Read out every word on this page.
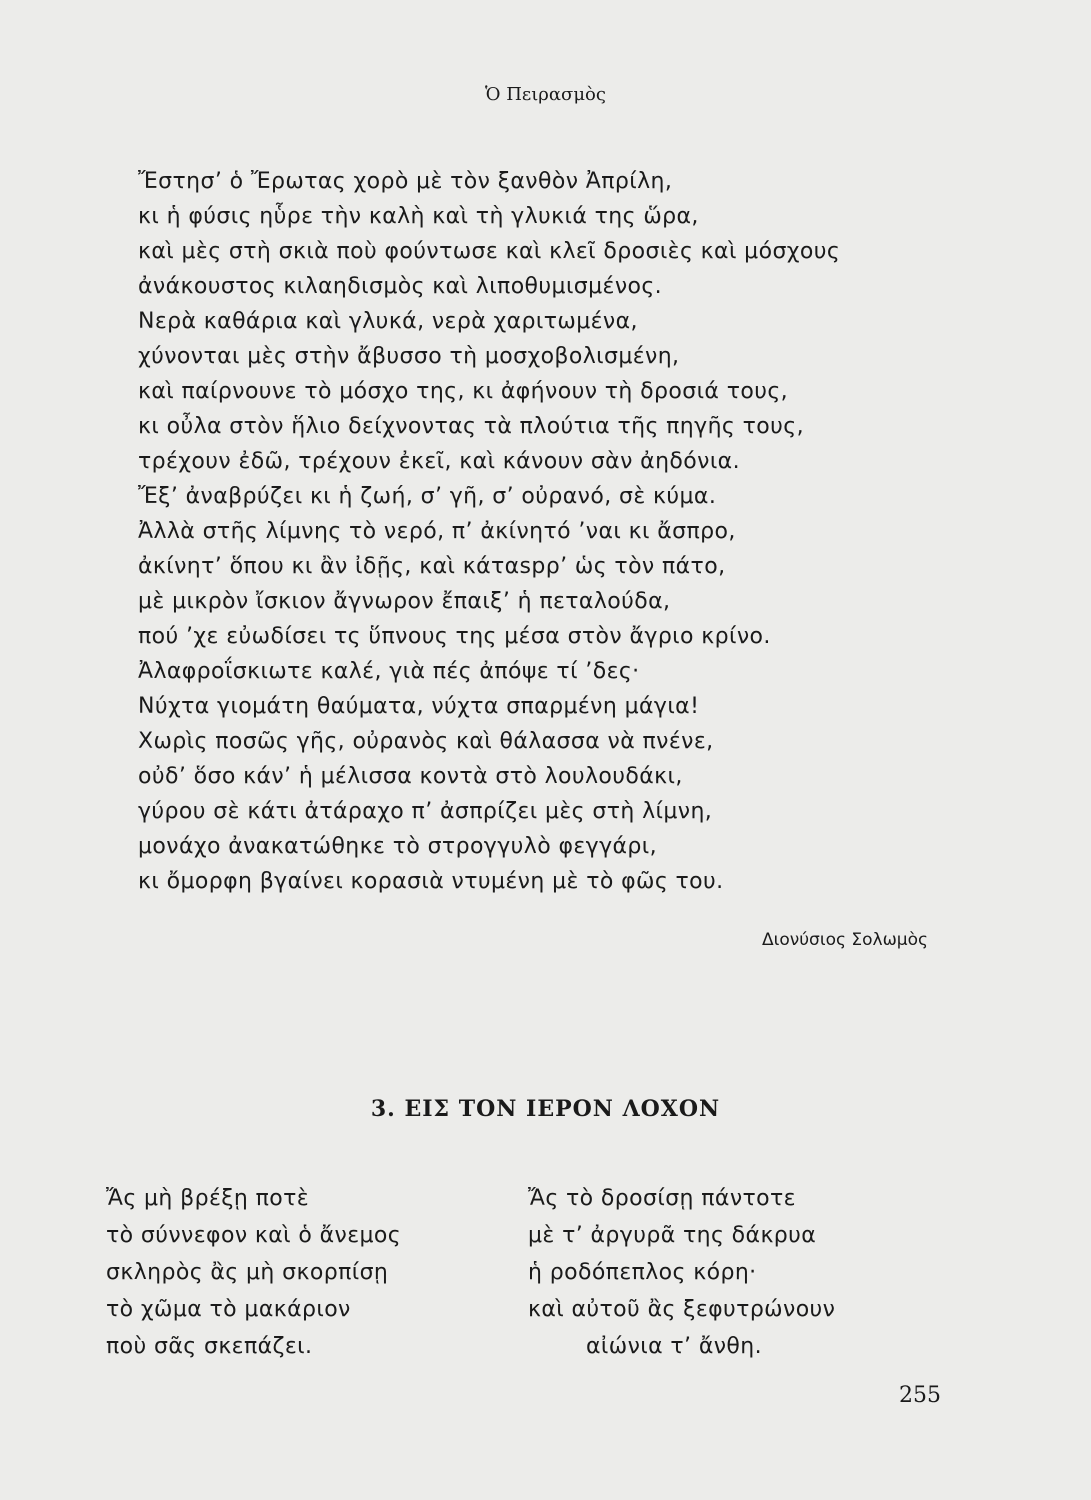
Ὁ Πειρασμὸς
Ἔστησ’ ὁ Ἔρωτας χορὸ μὲ τὸν ξανθὸν Ἀπρίλη,
κι ἡ φύσις ηὗρε τὴν καλὴ καὶ τὴ γλυκιά της ὥρα,
καὶ μὲς στὴ σκιὰ ποὺ φούντωσε καὶ κλεῖ δροσιὲς καὶ μόσχους
ἀνάκουστος κιλαηδισμὸς καὶ λιποθυμισμένος.
Νερὰ καθάρια καὶ γλυκά, νερὰ χαριτωμένα,
χύνονται μὲς στὴν ἄβυσσο τὴ μοσχοβολισμένη,
καὶ παίρνουνε τὸ μόσχο της, κι ἀφήνουν τὴ δροσιά τους,
κι οὖλα στὸν ἥλιο δείχνοντας τὰ πλούτια τῆς πηγῆς τους,
τρέχουν ἐδῶ, τρέχουν ἐκεῖ, καὶ κάνουν σὰν ἀηδόνια.
Ἔξ’ ἀναβρύζει κι ἡ ζωή, σ’ γῆ, σ’ οὐρανό, σὲ κύμα.
Ἀλλὰ στῆς λίμνης τὸ νερό, π’ ἀκίνητό ’ναι κι ἄσπρο,
ἀκίνητ’ ὅπου κι ἂν ἰδῇς, καὶ κάταspρ’ ὡς τὸν πάτο,
μὲ μικρὸν ἴσκιον ἄγνωρον ἔπαιξ’ ἡ πεταλούδα,
πού ’χε εὐωδίσει τς ὕπνους της μέσα στὸν ἄγριο κρίνο.
Ἀλαφροΐσκιωτε καλέ, γιὰ πές ἀπόψε τί ’δες·
Νύχτα γιομάτη θαύματα, νύχτα σπαρμένη μάγια!
Χωρὶς ποσῶς γῆς, οὐρανὸς καὶ θάλασσα νὰ πνένε,
οὐδ’ ὅσο κάν’ ἡ μέλισσα κοντὰ στὸ λουλουδάκι,
γύρου σὲ κάτι ἀτάραχο π’ ἀσπρίζει μὲς στὴ λίμνη,
μονάχο ἀνακατώθηκε τὸ στρογγυλὸ φεγγάρι,
κι ὄμορφη βγαίνει κορασιὰ ντυμένη μὲ τὸ φῶς του.
Διονύσιος Σολωμὸς
3. ΕΙΣ ΤΟΝ ΙΕΡΟΝ ΛΟΧΟΝ
Ἄς μὴ βρέξῃ ποτὲ
τὸ σύννεφον καὶ ὁ ἄνεμος
σκληρὸς ἂς μὴ σκορπίσῃ
τὸ χῶμα τὸ μακάριον
ποὺ σᾶς σκεπάζει.
Ἄς τὸ δροσίσῃ πάντοτε
μὲ τ’ ἀργυρᾶ της δάκρυα
ἡ ροδόπεπλος κόρη·
καὶ αὐτοῦ ἂς ξεφυτρώνουν
αἰώνια τ’ ἄνθη.
255
